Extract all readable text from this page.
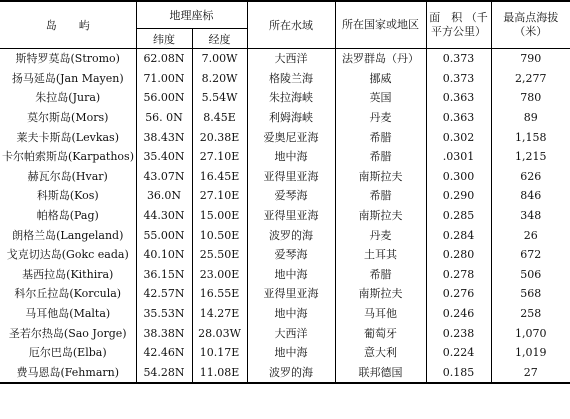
岛　　屿	地理座标		所在水域	所在国家或地区	面　积 （千平方公里）	最高点海拔 （米）
	纬度	经度				
斯特罗莫岛(Stromo)	62.08N	7.00W	大西洋	法罗群岛（丹）	0.373	790
扬马延岛(Jan Mayen)	71.00N	8.20W	格陵兰海	挪威	0.373	2,277
朱拉岛(Jura)	56.00N	5.54W	朱拉海峡	英国	0.363	780
莫尔斯岛(Mors)	56. 0N	8.45E	利姆海峡	丹麦	0.363	89
莱夫卡斯岛(Levkas)	38.43N	20.38E	爱奥尼亚海	希腊	0.302	1,158
卡尔帕索斯岛(Karpathos)	35.40N	27.10E	地中海	希腊	.0301	1,215
赫瓦尔岛(Hvar)	43.07N	16.45E	亚得里亚海	南斯拉夫	0.300	626
科斯岛(Kos)	36.0N	27.10E	爱琴海	希腊	0.290	846
帕格岛(Pag)	44.30N	15.00E	亚得里亚海	南斯拉夫	0.285	348
朗格兰岛(Langeland)	55.00N	10.50E	波罗的海	丹麦	0.284	26
戈克切达岛(Gokc eada)	40.10N	25.50E	爱琴海	土耳其	0.280	672
基西拉岛(Kithira)	36.15N	23.00E	地中海	希腊	0.278	506
科尔丘拉岛(Korcula)	42.57N	16.55E	亚得里亚海	南斯拉夫	0.276	568
马耳他岛(Malta)	35.53N	14.27E	地中海	马耳他	0.246	258
圣若尔热岛(Sao Jorge)	38.38N	28.03W	大西洋	葡萄牙	0.238	1,070
厄尔巴岛(Elba)	42.46N	10.17E	地中海	意大利	0.224	1,019
费马恩岛(Fehmarn)	54.28N	11.08E	波罗的海	联邦德国	0.185	27
